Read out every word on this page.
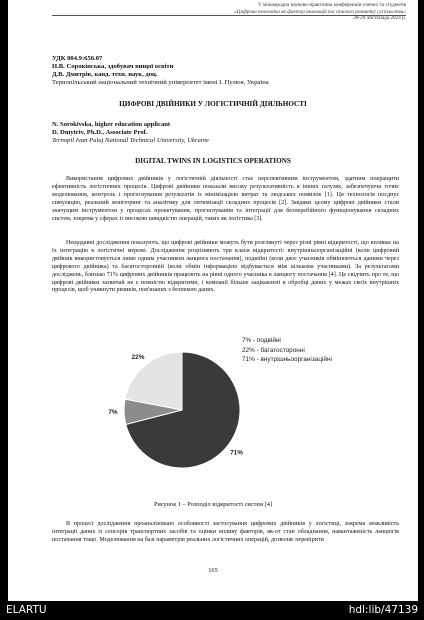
V міжнародна науково-практична конференція учених та студентів
«Цифрова економіка як фактор інновацій та сталого розвитку суспільства»
28-29 листопада 2024 р.
УДК 004.9:656.07
Н.В. Сорокінська, здобувач вищої освіти
Д.В. Дмитрів, канд. техн. наук, доц.
Тернопільський національний технічний університет імені І. Пулюя, Україна
ЦИФРОВІ ДВІЙНИКИ У ЛОГІСТИЧНІЙ ДІЯЛЬНОСТІ
N. Sorokivska, higher education applicant
D. Dmytriv, Ph.D., Associate Prof.
Ternopil Ivan Puluj National Technical University, Ukraine
DIGITAL TWINS IN LOGISTICS OPERATIONS

Використання цифрових двійників у логістичній діяльності стає перспективним інструментом, здатним покращити ефективність логістичних процесів. Цифрові двійники показали високу результативність в інших галузях, забезпечуючи точне моделювання, контроль і прогнозування результатів із мінімізацією витрат та людських помилок [1]. Ця технологія поєднує симуляцію, реальний моніторинг та аналітику для оптимізації складних процесів [2]. Завдяки цьому цифрові двійники стали значущим інструментом у процесах проектування, прогнозування та інтеграції для безперебійного функціонування складних систем, зокрема у сферах із високою швидкістю операцій, таких як логістика [3].

Нещодавні дослідження показують, що цифрові двійники можуть бути розглянуті через різні рівні відкритості, що впливає на їх інтеграцію в логістичні мережі. Дослідження розрізняють три класи відкритості: внутрішньоорганізаційні (коли цифровий двійник використовується лише одним учасником ланцюга постачання), подвійні (коли двоє учасників обмінюються даними через цифрового двійника) та багатосторонній (коли обмін інформацією відбувається між кількома учасниками). За результатами досліджень, близько 71% цифрових двійників працюють на рівні одного учасника в ланцюгу постачання [4]. Це свідчить про те, що цифрові двійники зазвичай не є повністю відкритими, і компанії більше зацікавлені в обробці даних у межах своїх внутрішніх процесів, щоб уникнути ризиків, пов'язаних з безпекою даних.

71%
7%
22%
7% - подвійні
22% - багатосторонні
71% - внутрішньоорганізаційні
Рисунок 1 – Розподіл відкритості систем [4]

В процесі дослідження проаналізовано особливості застосування цифрових двійників у логістиці, зокрема можливість інтеграції даних із сенсорів транспортних засобів та оцінки впливу факторів, як-от стан обладнання, навантаженість ланцюгів постачання тощо. Моделювання на базі параметрів реальних логістичних операцій, дозволяє перевірити

165
ELARTU	hdl:lib/47139
